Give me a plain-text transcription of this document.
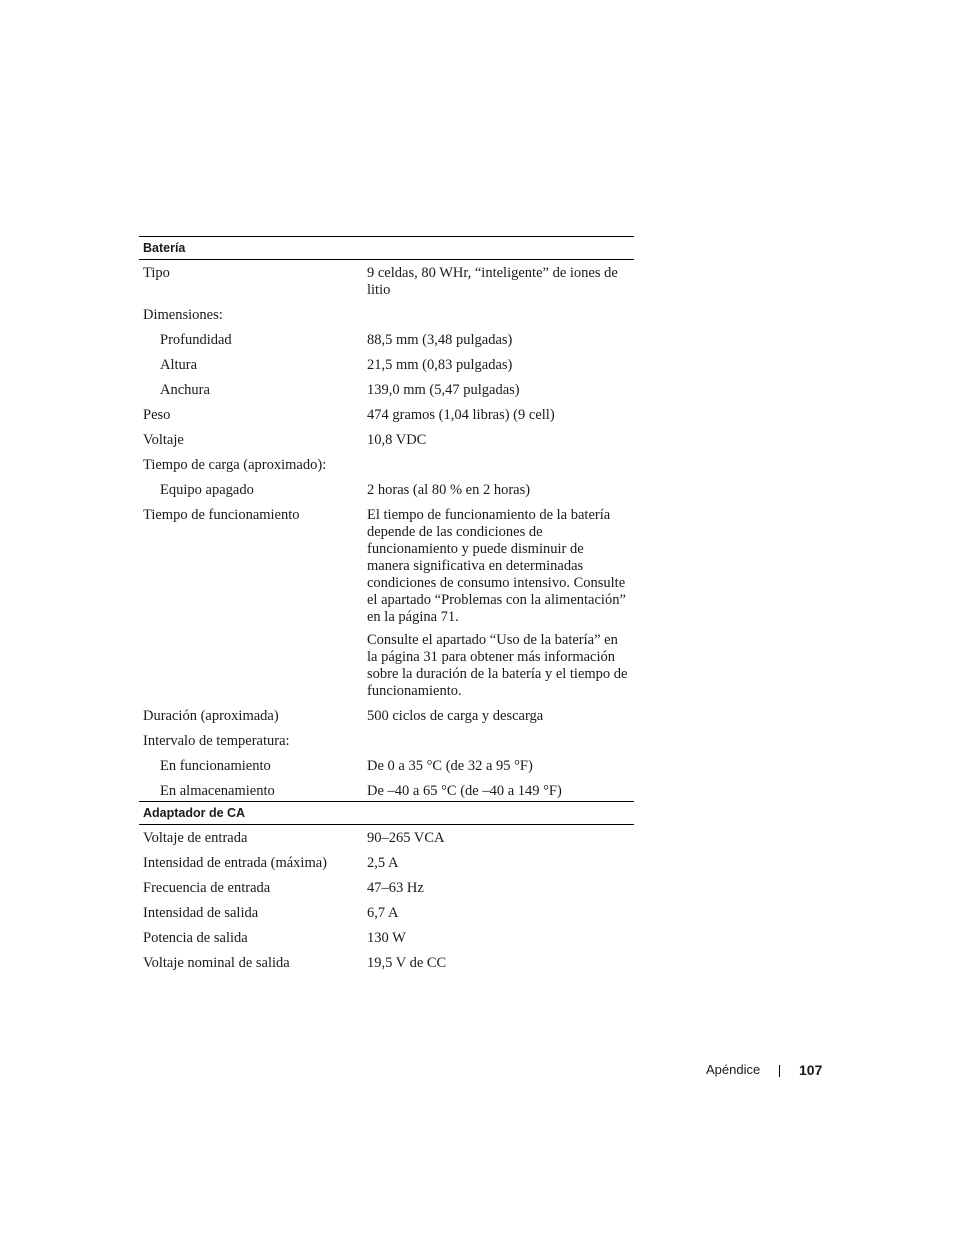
Batería
Tipo	9 celdas, 80 WHr, “inteligente” de iones de litio

Dimensiones:
Profundidad	88,5 mm (3,48 pulgadas)

Altura	21,5 mm (0,83 pulgadas)

Anchura	139,0 mm (5,47 pulgadas)

Peso	474 gramos (1,04 libras) (9 cell)

Voltaje	10,8 VDC

Tiempo de carga (aproximado):
Equipo apagado	2 horas (al 80 % en 2 horas)

Tiempo de funcionamiento	El tiempo de funcionamiento de la batería depende de las condiciones de funcionamiento y puede disminuir de manera significativa en determinadas condiciones de consumo intensivo. Consulte el apartado “Problemas con la alimentación” en la página 71.

Consulte el apartado “Uso de la batería” en la página 31 para obtener más información sobre la duración de la batería y el tiempo de funcionamiento.

Duración (aproximada)	500 ciclos de carga y descarga

Intervalo de temperatura:
En funcionamiento	De 0 a 35 °C (de 32 a 95 °F)

En almacenamiento	De –40 a 65 °C (de –40 a 149 °F)

Adaptador de CA
Voltaje de entrada	90–265 VCA

Intensidad de entrada (máxima)	2,5 A

Frecuencia de entrada	47–63 Hz

Intensidad de salida	6,7 A

Potencia de salida	130 W

Voltaje nominal de salida	19,5 V de CC

Apéndice	107
